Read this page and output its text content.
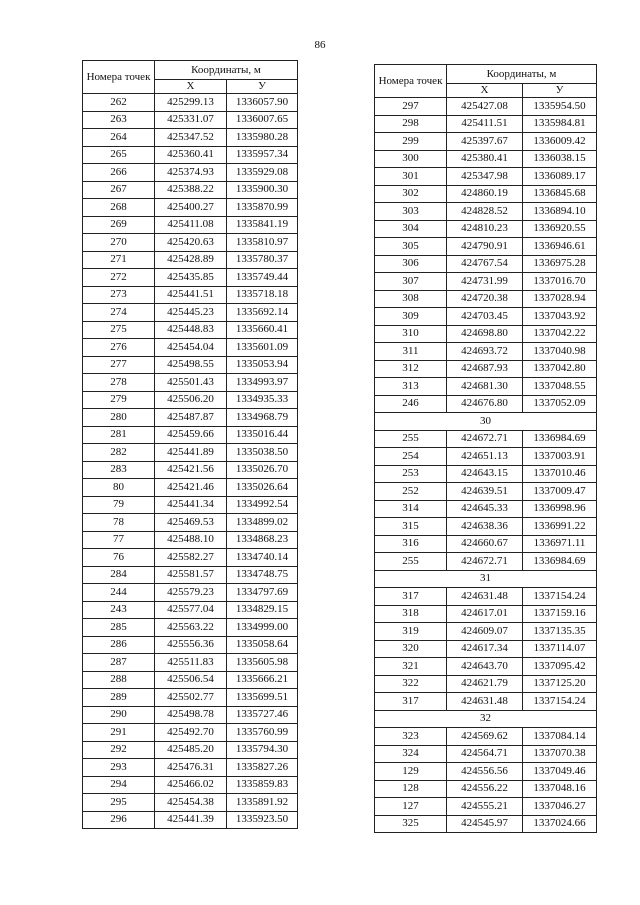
86
Номера точек	Координаты, м	
	X	У
262	425299.13	1336057.90
263	425331.07	1336007.65
264	425347.52	1335980.28
265	425360.41	1335957.34
266	425374.93	1335929.08
267	425388.22	1335900.30
268	425400.27	1335870.99
269	425411.08	1335841.19
270	425420.63	1335810.97
271	425428.89	1335780.37
272	425435.85	1335749.44
273	425441.51	1335718.18
274	425445.23	1335692.14
275	425448.83	1335660.41
276	425454.04	1335601.09
277	425498.55	1335053.94
278	425501.43	1334993.97
279	425506.20	1334935.33
280	425487.87	1334968.79
281	425459.66	1335016.44
282	425441.89	1335038.50
283	425421.56	1335026.70
80	425421.46	1335026.64
79	425441.34	1334992.54
78	425469.53	1334899.02
77	425488.10	1334868.23
76	425582.27	1334740.14
284	425581.57	1334748.75
244	425579.23	1334797.69
243	425577.04	1334829.15
285	425563.22	1334999.00
286	425556.36	1335058.64
287	425511.83	1335605.98
288	425506.54	1335666.21
289	425502.77	1335699.51
290	425498.78	1335727.46
291	425492.70	1335760.99
292	425485.20	1335794.30
293	425476.31	1335827.26
294	425466.02	1335859.83
295	425454.38	1335891.92
296	425441.39	1335923.50
Номера точек	Координаты, м	
	X	У
297	425427.08	1335954.50
298	425411.51	1335984.81
299	425397.67	1336009.42
300	425380.41	1336038.15
301	425347.98	1336089.17
302	424860.19	1336845.68
303	424828.52	1336894.10
304	424810.23	1336920.55
305	424790.91	1336946.61
306	424767.54	1336975.28
307	424731.99	1337016.70
308	424720.38	1337028.94
309	424703.45	1337043.92
310	424698.80	1337042.22
311	424693.72	1337040.98
312	424687.93	1337042.80
313	424681.30	1337048.55
246	424676.80	1337052.09
30		
255	424672.71	1336984.69
254	424651.13	1337003.91
253	424643.15	1337010.46
252	424639.51	1337009.47
314	424645.33	1336998.96
315	424638.36	1336991.22
316	424660.67	1336971.11
255	424672.71	1336984.69
31		
317	424631.48	1337154.24
318	424617.01	1337159.16
319	424609.07	1337135.35
320	424617.34	1337114.07
321	424643.70	1337095.42
322	424621.79	1337125.20
317	424631.48	1337154.24
32		
323	424569.62	1337084.14
324	424564.71	1337070.38
129	424556.56	1337049.46
128	424556.22	1337048.16
127	424555.21	1337046.27
325	424545.97	1337024.66
